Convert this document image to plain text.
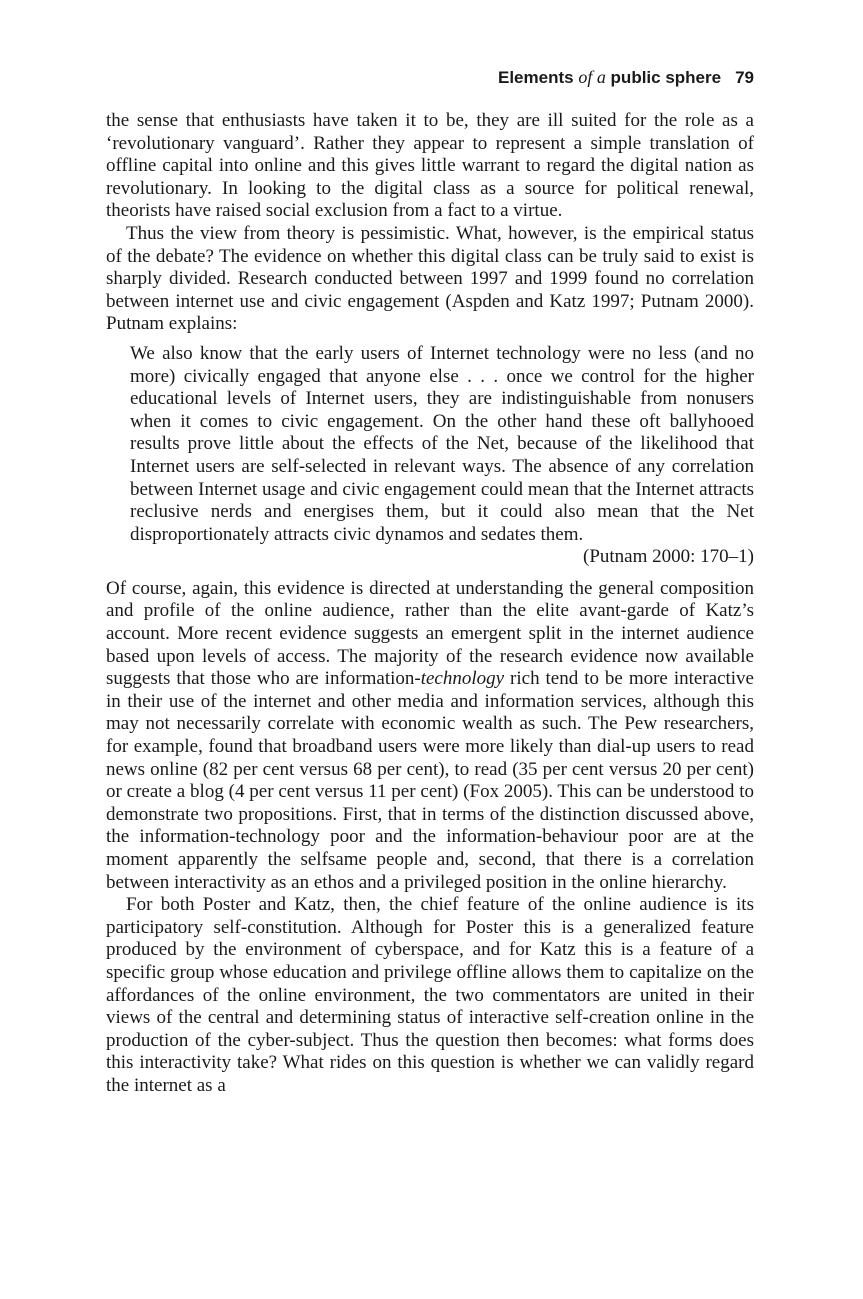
Elements of a public sphere 79

the sense that enthusiasts have taken it to be, they are ill suited for the role as a ‘revolutionary vanguard’. Rather they appear to represent a simple translation of offline capital into online and this gives little warrant to regard the digital nation as revolutionary. In looking to the digital class as a source for political renewal, theorists have raised social exclusion from a fact to a virtue.

Thus the view from theory is pessimistic. What, however, is the empirical status of the debate? The evidence on whether this digital class can be truly said to exist is sharply divided. Research conducted between 1997 and 1999 found no correlation between internet use and civic engagement (Aspden and Katz 1997; Putnam 2000). Putnam explains:

We also know that the early users of Internet technology were no less (and no more) civically engaged that anyone else . . . once we control for the higher educational levels of Internet users, they are indistinguishable from nonusers when it comes to civic engagement. On the other hand these oft ballyhooed results prove little about the effects of the Net, because of the likelihood that Internet users are self-selected in relevant ways. The absence of any correlation between Internet usage and civic engagement could mean that the Internet attracts reclusive nerds and energises them, but it could also mean that the Net disproportionately attracts civic dynamos and sedates them.

(Putnam 2000: 170–1)

Of course, again, this evidence is directed at understanding the general composition and profile of the online audience, rather than the elite avant-garde of Katz’s account. More recent evidence suggests an emergent split in the internet audience based upon levels of access. The majority of the research evidence now available suggests that those who are information-technology rich tend to be more interactive in their use of the internet and other media and information services, although this may not necessarily correlate with economic wealth as such. The Pew researchers, for example, found that broadband users were more likely than dial-up users to read news online (82 per cent versus 68 per cent), to read (35 per cent versus 20 per cent) or create a blog (4 per cent versus 11 per cent) (Fox 2005). This can be understood to demonstrate two propositions. First, that in terms of the distinction discussed above, the information-technology poor and the information-behaviour poor are at the moment apparently the selfsame people and, second, that there is a correlation between interactivity as an ethos and a privileged position in the online hierarchy.

For both Poster and Katz, then, the chief feature of the online audience is its participatory self-constitution. Although for Poster this is a generalized feature produced by the environment of cyberspace, and for Katz this is a feature of a specific group whose education and privilege offline allows them to capitalize on the affordances of the online environment, the two commentators are united in their views of the central and determining status of interactive self-creation online in the production of the cyber-subject. Thus the question then becomes: what forms does this interactivity take? What rides on this question is whether we can validly regard the internet as a
